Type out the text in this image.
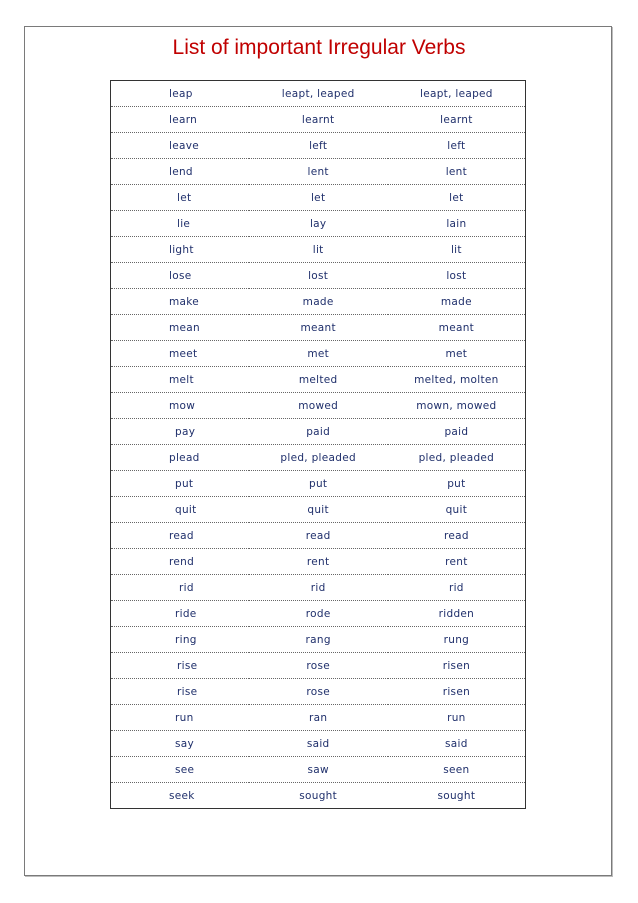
List of important Irregular Verbs
leap	leapt, leaped	leapt, leaped
learn	learnt	learnt
leave	left	left
lend	lent	lent
let	let	let
lie	lay	lain
light	lit	lit
lose	lost	lost
make	made	made
mean	meant	meant
meet	met	met
melt	melted	melted, molten
mow	mowed	mown, mowed
pay	paid	paid
plead	pled, pleaded	pled, pleaded
put	put	put
quit	quit	quit
read	read	read
rend	rent	rent
rid	rid	rid
ride	rode	ridden
ring	rang	rung
rise	rose	risen
rise	rose	risen
run	ran	run
say	said	said
see	saw	seen
seek	sought	sought
